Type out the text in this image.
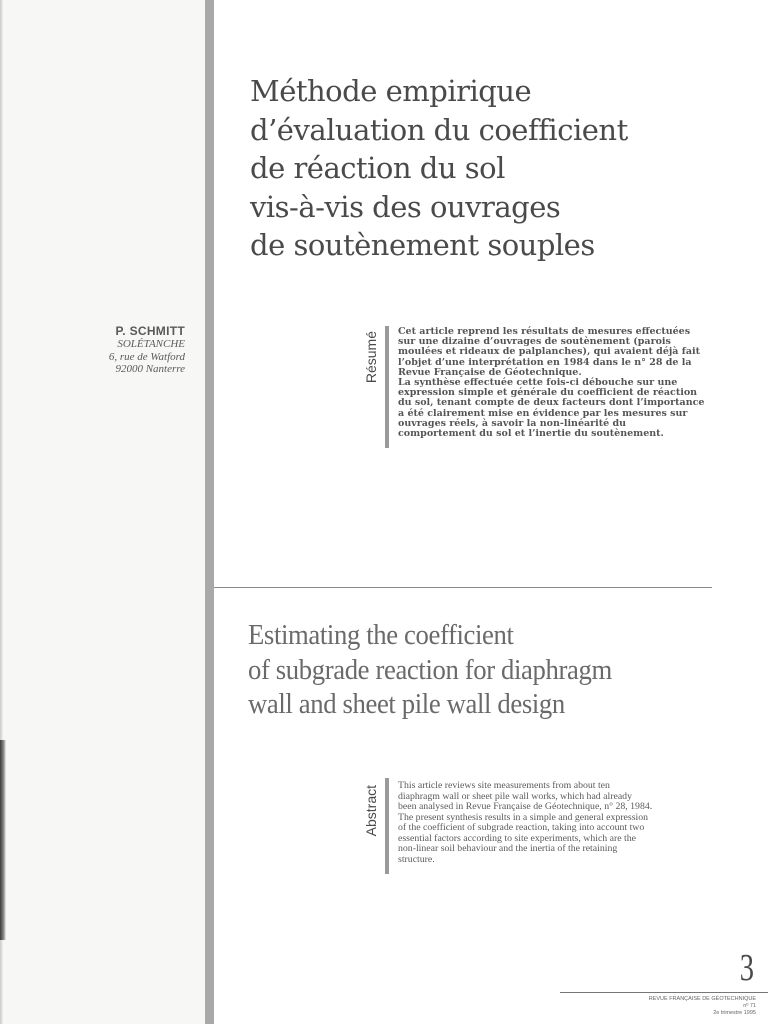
Méthode empirique
d’évaluation du coefficient
de réaction du sol
vis-à-vis des ouvrages
de soutènement souples
P. SCHMITT
SOLÉTANCHE
6, rue de Watford
92000 Nanterre	Résumé Cet article reprend les résultats de mesures effectuées
sur une dizaine d’ouvrages de soutènement (parois
moulées et rideaux de palplanches), qui avaient déjà fait
l’objet d’une interprétation en 1984 dans le n° 28 de la
Revue Française de Géotechnique.
La synthèse effectuée cette fois-ci débouche sur une
expression simple et générale du coefficient de réaction
du sol, tenant compte de deux facteurs dont l’importance
a été clairement mise en évidence par les mesures sur
ouvrages réels, à savoir la non-linéarité du
comportement du sol et l’inertie du soutènement.
Estimating the coefficient
of subgrade reaction for diaphragm
wall and sheet pile wall design
Abstract This article reviews site measurements from about ten
diaphragm wall or sheet pile wall works, which had already
been analysed in Revue Française de Géotechnique, n° 28, 1984.
The present synthesis results in a simple and general expression
of the coefficient of subgrade reaction, taking into account two
essential factors according to site experiments, which are the
non-linear soil behaviour and the inertia of the retaining
structure.
3
REVUE FRANÇAISE DE GÉOTECHNIQUE
nº 71
2e trimestre 1995
